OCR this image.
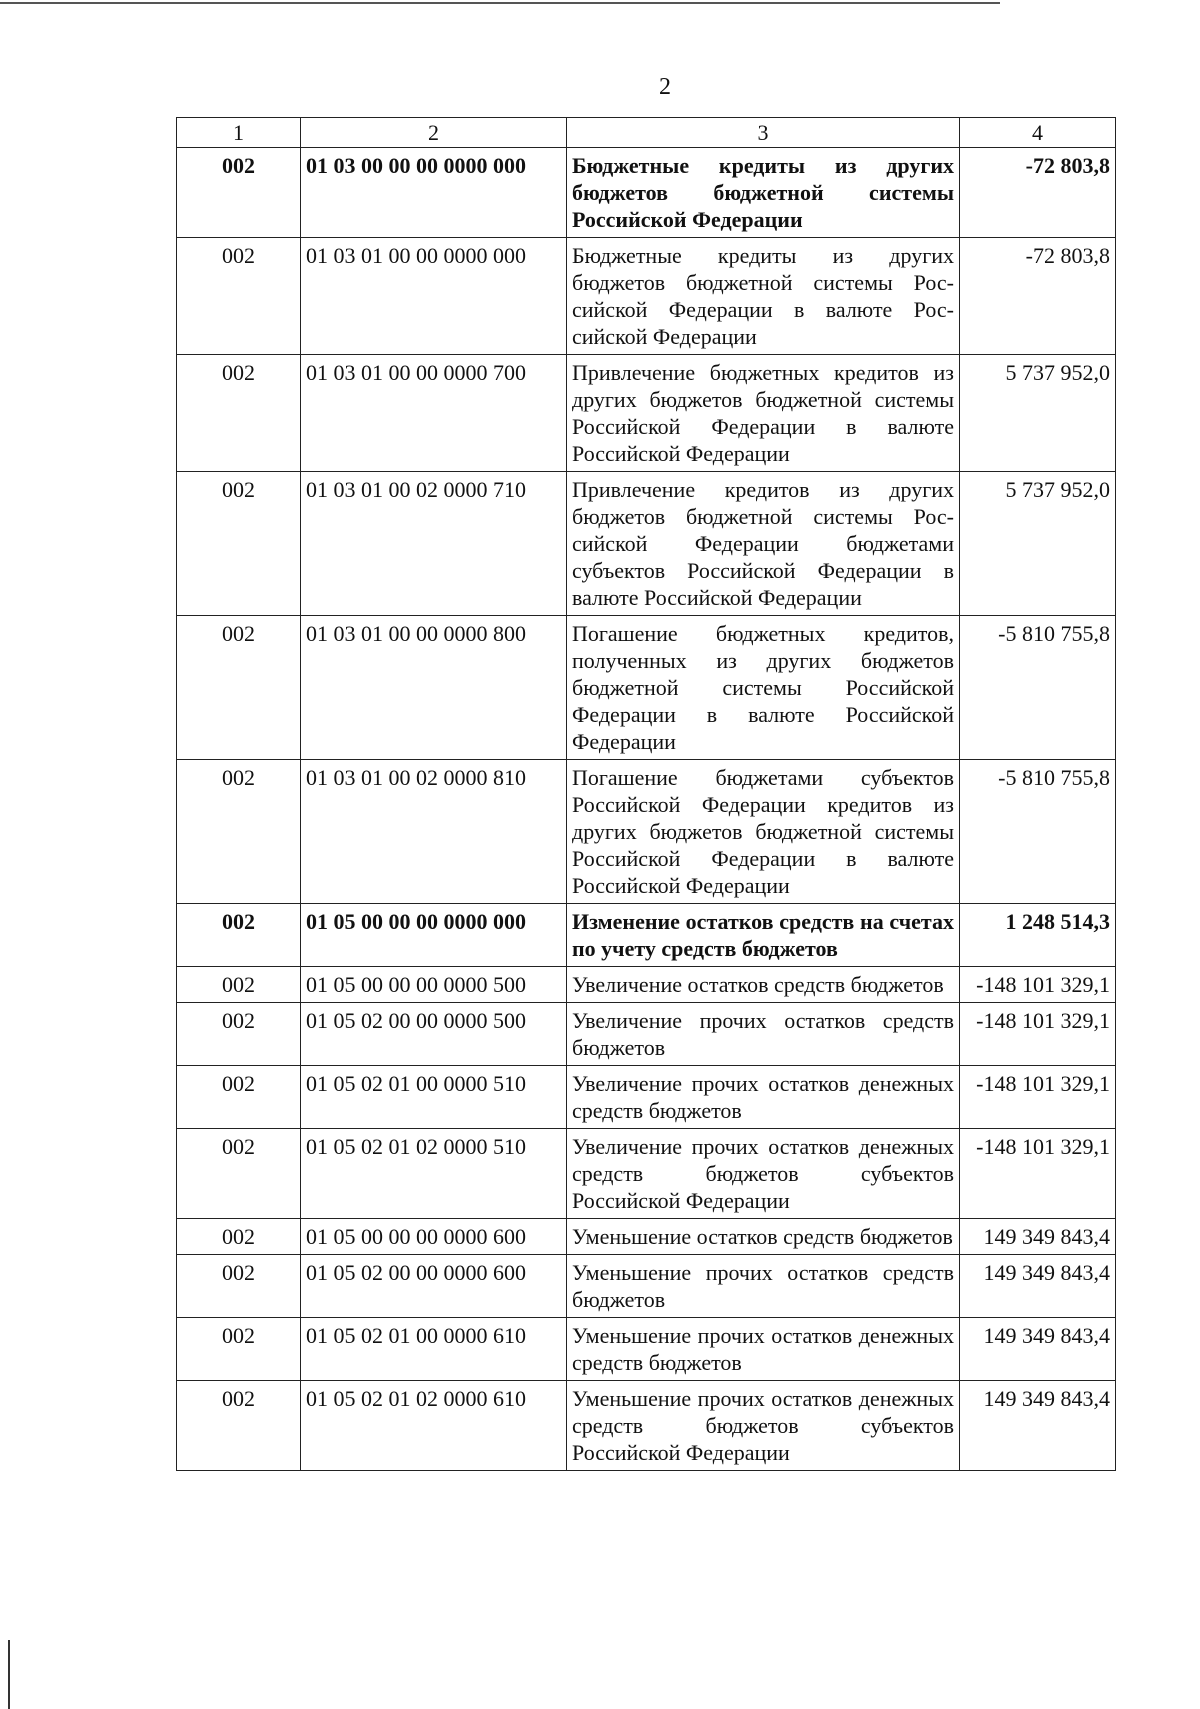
2
1	2	3	4
002	01 03 00 00 00 0000 000	Бюджетные кредиты из других бюджетов бюджетной системы Российской Федерации	-72 803,8
002	01 03 01 00 00 0000 000	Бюджетные кредиты из других бюджетов бюджетной системы Российской Федерации в валюте Российской Федерации	-72 803,8
002	01 03 01 00 00 0000 700	Привлечение бюджетных кредитов из других бюджетов бюджетной системы Российской Федерации в валюте Российской Федерации	5 737 952,0
002	01 03 01 00 02 0000 710	Привлечение кредитов из других бюджетов бюджетной системы Российской Федерации бюджетами субъектов Российской Федерации в валюте Российской Федерации	5 737 952,0
002	01 03 01 00 00 0000 800	Погашение бюджетных кредитов, полученных из других бюджетов бюджетной системы Российской Федерации в валюте Российской Федерации	-5 810 755,8
002	01 03 01 00 02 0000 810	Погашение бюджетами субъектов Российской Федерации кредитов из других бюджетов бюджетной системы Российской Федерации в валюте Российской Федерации	-5 810 755,8
002	01 05 00 00 00 0000 000	Изменение остатков средств на счетах по учету средств бюджетов	1 248 514,3
002	01 05 00 00 00 0000 500	Увеличение остатков средств бюджетов	-148 101 329,1
002	01 05 02 00 00 0000 500	Увеличение прочих остатков средств бюджетов	-148 101 329,1
002	01 05 02 01 00 0000 510	Увеличение прочих остатков денежных средств бюджетов	-148 101 329,1
002	01 05 02 01 02 0000 510	Увеличение прочих остатков денежных средств бюджетов субъектов Российской Федерации	-148 101 329,1
002	01 05 00 00 00 0000 600	Уменьшение остатков средств бюджетов	149 349 843,4
002	01 05 02 00 00 0000 600	Уменьшение прочих остатков средств бюджетов	149 349 843,4
002	01 05 02 01 00 0000 610	Уменьшение прочих остатков денежных средств бюджетов	149 349 843,4
002	01 05 02 01 02 0000 610	Уменьшение прочих остатков денежных средств бюджетов субъектов Российской Федерации	149 349 843,4
